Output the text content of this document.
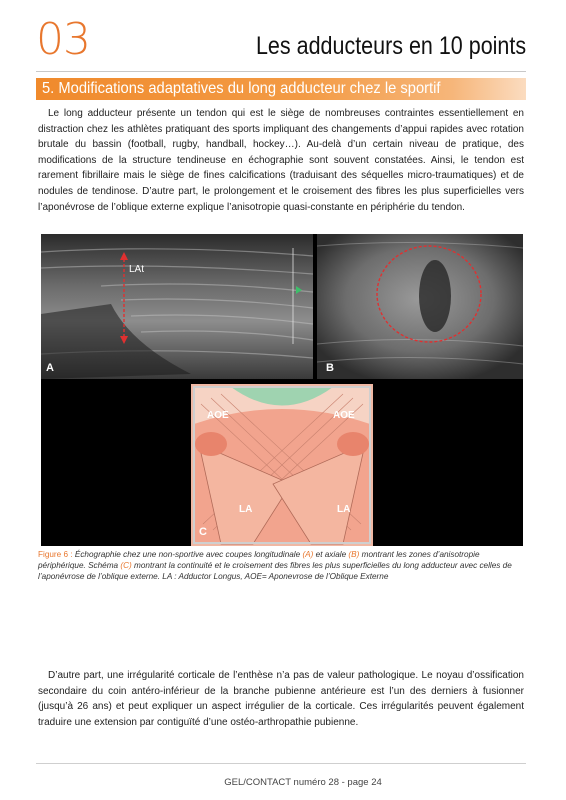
03	Les adducteurs en 10 points
5. Modifications adaptatives du long adducteur chez le sportif

Le long adducteur présente un tendon qui est le siège de nombreuses contraintes essentiellement en distraction chez les athlètes pratiquant des sports impliquant des changements d’appui rapides avec rotation brutale du bassin (football, rugby, handball, hockey…). Au-delà d’un certain niveau de pratique, des modifications de la structure tendineuse en échographie sont souvent constatées. Ainsi, le tendon est rarement fibrillaire mais le siège de fines calcifications (traduisant des séquelles micro-traumatiques) et de nodules de tendinose. D’autre part, le prolongement et le croisement des fibres les plus superficielles vers l’aponévrose de l’oblique externe explique l’anisotropie quasi-constante en périphérie du tendon.

LAt
A	B
AOE	AOE
LA	LA
C

Figure 6 : Échographie chez une non-sportive avec coupes longitudinale (A) et axiale (B) montrant les zones d’anisotropie périphérique. Schéma (C) montrant la continuité et le croisement des fibres les plus superficielles du long adducteur avec celles de l’aponévrose de l’oblique externe. LA : Adductor Longus, AOE= Aponevrose de l’Oblique Externe

D’autre part, une irrégularité corticale de l’enthèse n’a pas de valeur pathologique. Le noyau d’ossification secondaire du coin antéro-inférieur de la branche pubienne antérieure est l’un des derniers à fusionner (jusqu’à 26 ans) et peut expliquer un aspect irrégulier de la corticale. Ces irrégularités peuvent également traduire une extension par contiguïté d’une ostéo-arthropathie pubienne.

GEL/CONTACT numéro 28 - page 24
